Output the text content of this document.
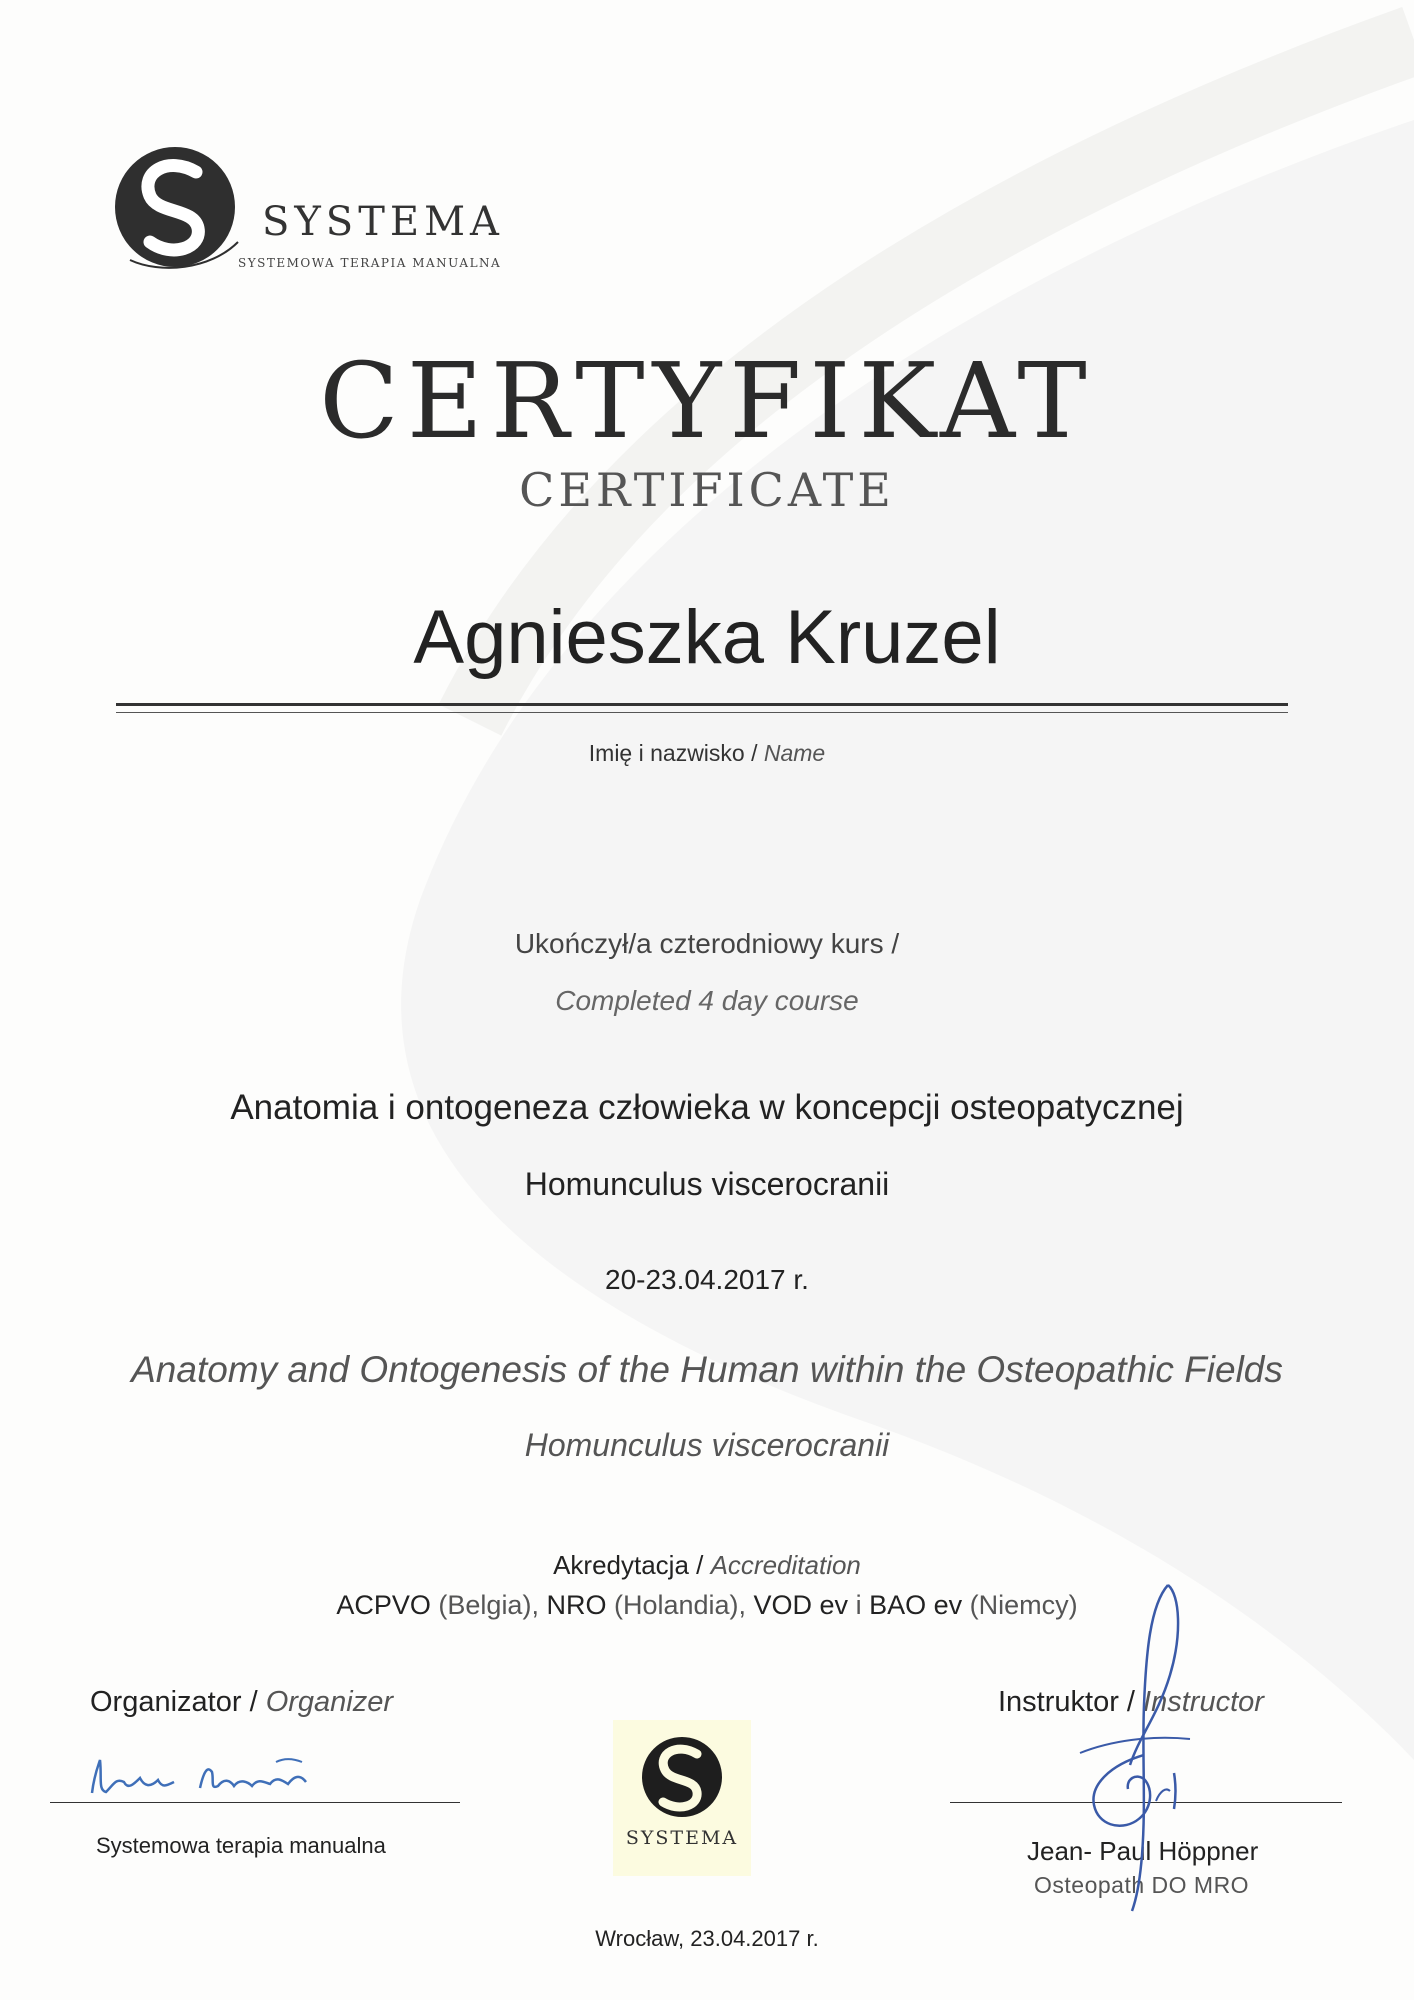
SYSTEMA
SYSTEMOWA TERAPIA MANUALNA
CERTYFIKAT
CERTIFICATE
Agnieszka Kruzel
Imię i nazwisko / Name
Ukończył/a czterodniowy kurs /
Completed 4 day course
Anatomia i ontogeneza człowieka w koncepcji osteopatycznej
Homunculus viscerocranii
20-23.04.2017 r.
Anatomy and Ontogenesis of the Human within the Osteopathic Fields
Homunculus viscerocranii
Akredytacja / Accreditation
ACPVO (Belgia), NRO (Holandia), VOD ev i BAO ev (Niemcy)
Organizator / Organizer
Systemowa terapia manualna	SYSTEMA
Instruktor / Instructor
Jean- Paul Höppner
Osteopath DO MRO
Wrocław, 23.04.2017 r.
